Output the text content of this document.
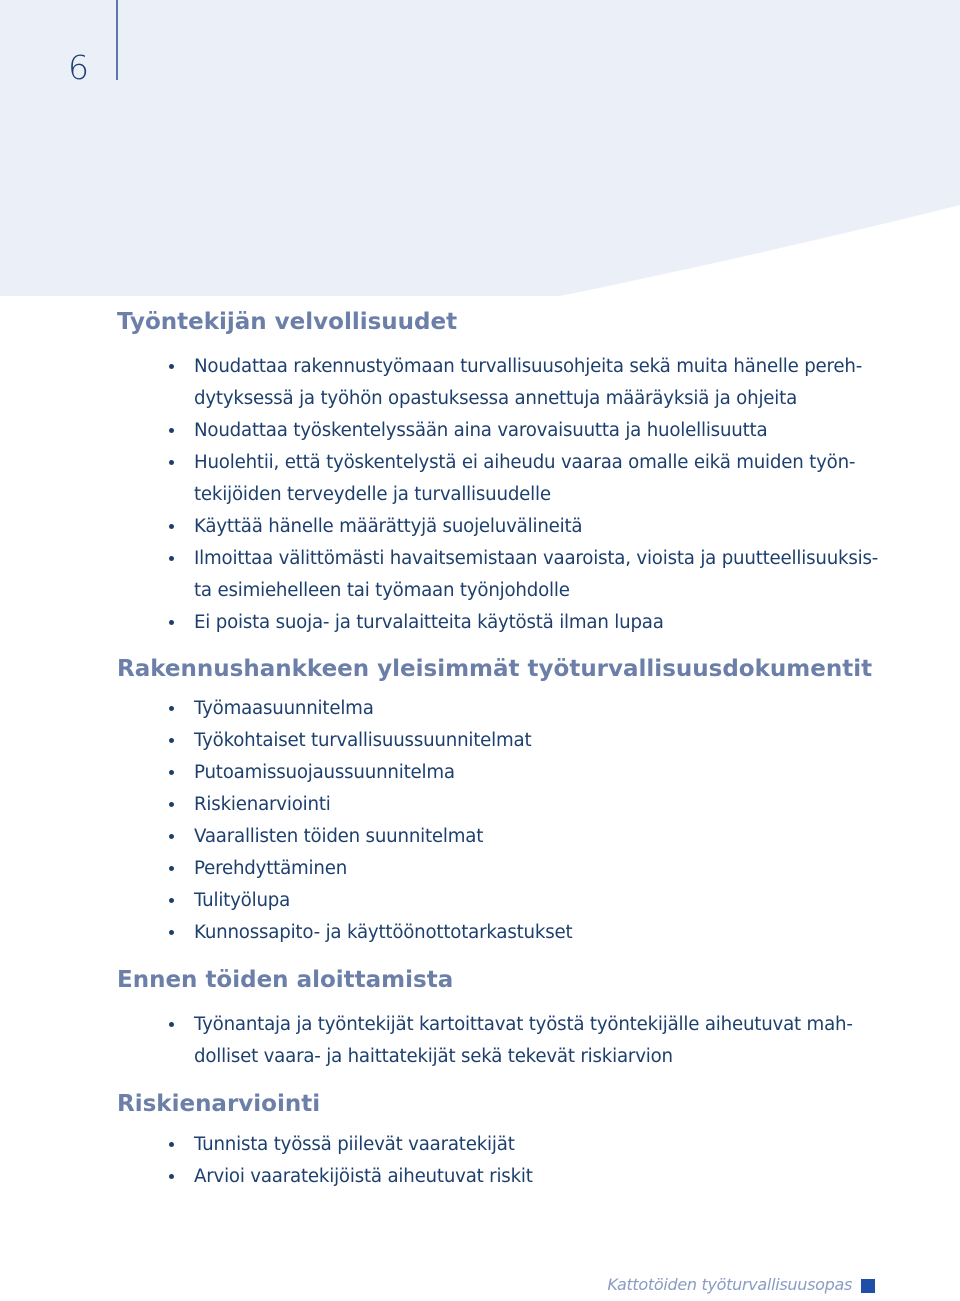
6
Työntekijän velvollisuudet
Noudattaa rakennustyömaan turvallisuusohjeita sekä muita hänelle pereh-
dytyksessä ja työhön opastuksessa annettuja määräyksiä ja ohjeita
Noudattaa työskentelyssään aina varovaisuutta ja huolellisuutta
Huolehtii, että työskentelystä ei aiheudu vaaraa omalle eikä muiden työn-
tekijöiden terveydelle ja turvallisuudelle
Käyttää hänelle määrättyjä suojeluvälineitä
Ilmoittaa välittömästi havaitsemistaan vaaroista, vioista ja puutteellisuuksis-
ta esimiehelleen tai työmaan työnjohdolle
Ei poista suoja- ja turvalaitteita käytöstä ilman lupaa
Rakennushankkeen yleisimmät työturvallisuusdokumentit
Työmaasuunnitelma
Työkohtaiset turvallisuussuunnitelmat
Putoamissuojaussuunnitelma
Riskienarviointi
Vaarallisten töiden suunnitelmat
Perehdyttäminen
Tulityölupa
Kunnossapito- ja käyttöönottotarkastukset
Ennen töiden aloittamista
Työnantaja ja työntekijät kartoittavat työstä työntekijälle aiheutuvat mah-
dolliset vaara- ja haittatekijät sekä tekevät riskiarvion
Riskienarviointi
Tunnista työssä piilevät vaaratekijät
Arvioi vaaratekijöistä aiheutuvat riskit
Kattotöiden työturvallisuusopas
